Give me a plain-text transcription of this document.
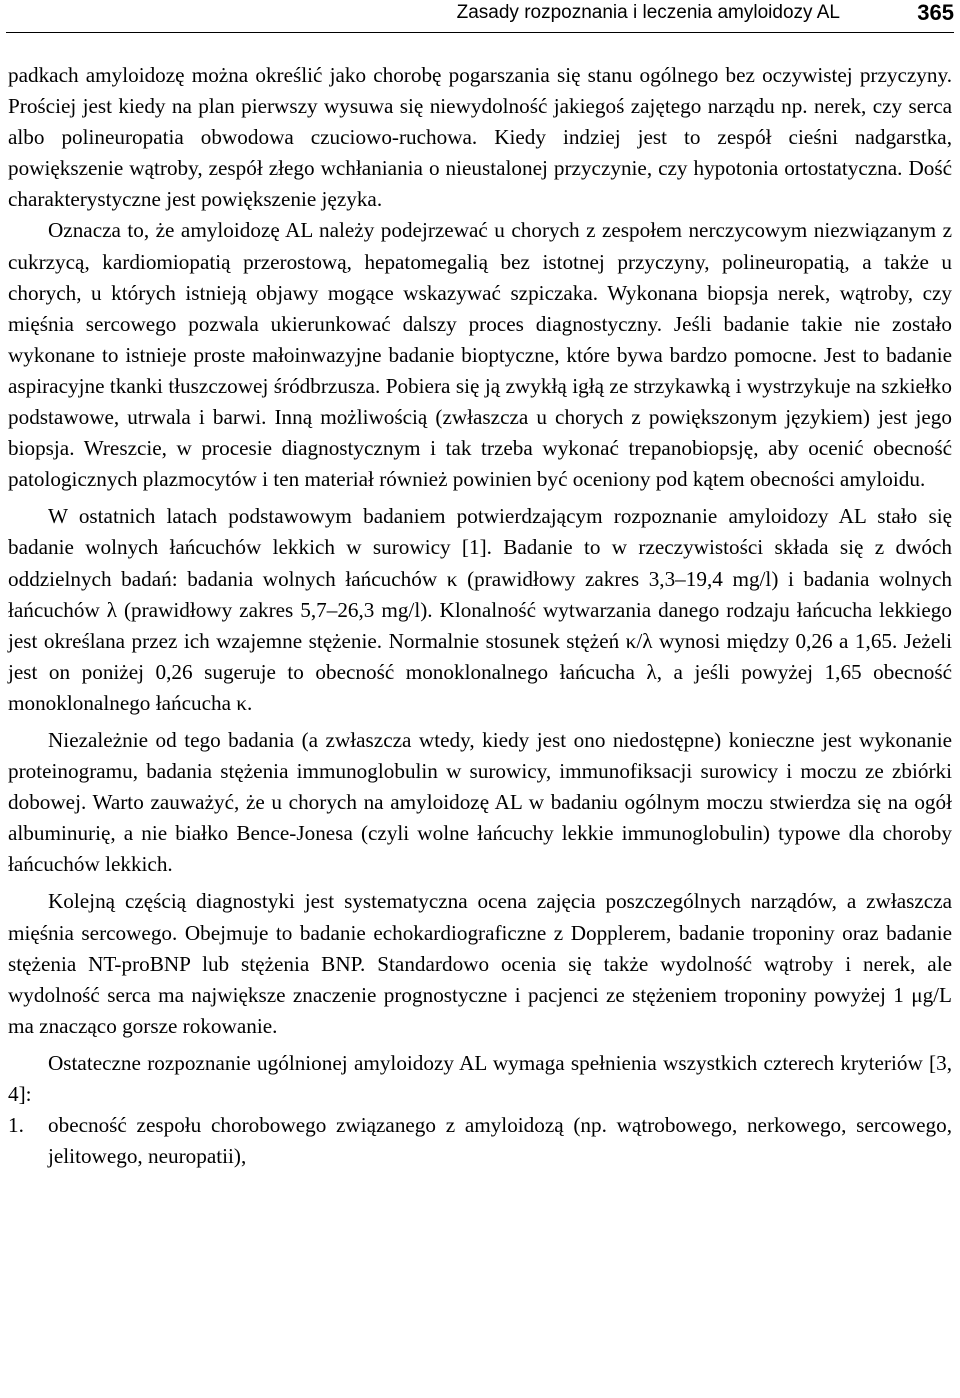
Zasady rozpoznania i leczenia amyloidozy AL	365

padkach amyloidozę można określić jako chorobę pogarszania się stanu ogólnego bez oczywistej przyczyny. Prościej jest kiedy na plan pierwszy wysuwa się niewydolność jakiegoś zajętego narządu np. nerek, czy serca albo polineuropatia obwodowa czuciowo-ruchowa. Kiedy indziej jest to zespół cieśni nadgarstka, powiększenie wątroby, zespół złego wchłaniania o nieustalonej przyczynie, czy hypotonia ortostatyczna. Dość charakterystyczne jest powiększenie języka.

Oznacza to, że amyloidozę AL należy podejrzewać u chorych z zespołem nerczycowym niezwiązanym z cukrzycą, kardiomiopatią przerostową, hepatomegalią bez istotnej przyczyny, polineuropatią, a także u chorych, u których istnieją objawy mogące wskazywać szpiczaka. Wykonana biopsja nerek, wątroby, czy mięśnia sercowego pozwala ukierunkować dalszy proces diagnostyczny. Jeśli badanie takie nie zostało wykonane to istnieje proste małoinwazyjne badanie bioptyczne, które bywa bardzo pomocne. Jest to badanie aspiracyjne tkanki tłuszczowej śródbrzusza. Pobiera się ją zwykłą igłą ze strzykawką i wystrzykuje na szkiełko podstawowe, utrwala i barwi. Inną możliwością (zwłaszcza u chorych z powiększonym językiem) jest jego biopsja. Wreszcie, w procesie diagnostycznym i tak trzeba wykonać trepanobiopsję, aby ocenić obecność patologicznych plazmocytów i ten materiał również powinien być oceniony pod kątem obecności amyloidu.

W ostatnich latach podstawowym badaniem potwierdzającym rozpoznanie amyloidozy AL stało się badanie wolnych łańcuchów lekkich w surowicy [1]. Badanie to w rzeczywistości składa się z dwóch oddzielnych badań: badania wolnych łańcuchów κ (prawidłowy zakres 3,3–19,4 mg/l) i badania wolnych łańcuchów λ (prawidłowy zakres 5,7–26,3 mg/l). Klonalność wytwarzania danego rodzaju łańcucha lekkiego jest określana przez ich wzajemne stężenie. Normalnie stosunek stężeń κ/λ wynosi między 0,26 a 1,65. Jeżeli jest on poniżej 0,26 sugeruje to obecność monoklonalnego łańcucha λ, a jeśli powyżej 1,65 obecność monoklonalnego łańcucha κ.

Niezależnie od tego badania (a zwłaszcza wtedy, kiedy jest ono niedostępne) konieczne jest wykonanie proteinogramu, badania stężenia immunoglobulin w surowicy, immunofiksacji surowicy i moczu ze zbiórki dobowej. Warto zauważyć, że u chorych na amyloidozę AL w badaniu ogólnym moczu stwierdza się na ogół albuminurię, a nie białko Bence-Jonesa (czyli wolne łańcuchy lekkie immunoglobulin) typowe dla choroby łańcuchów lekkich.

Kolejną częścią diagnostyki jest systematyczna ocena zajęcia poszczególnych narządów, a zwłaszcza mięśnia sercowego. Obejmuje to badanie echokardiograficzne z Dopplerem, badanie troponiny oraz badanie stężenia NT-proBNP lub stężenia BNP. Standardowo ocenia się także wydolność wątroby i nerek, ale wydolność serca ma największe znaczenie prognostyczne i pacjenci ze stężeniem troponiny powyżej 1 μg/L ma znacząco gorsze rokowanie.

Ostateczne rozpoznanie ugólnionej amyloidozy AL wymaga spełnienia wszystkich czterech kryteriów [3, 4]:

1. obecność zespołu chorobowego związanego z amyloidozą (np. wątrobowego, nerkowego, sercowego, jelitowego, neuropatii),
